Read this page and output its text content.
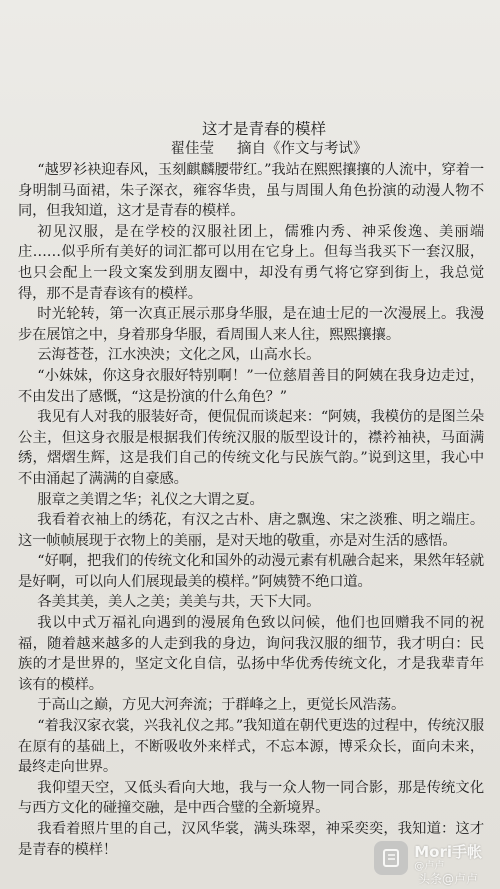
这才是青春的模样

翟佳莹     摘自《作文与考试》

“越罗衫袂迎春风，玉刻麒麟腰带红。”我站在熙熙攘攘的人流中，穿着一身明制马面裙，朱子深衣，雍容华贵，虽与周围人角色扮演的动漫人物不同，但我知道，这才是青春的模样。

初见汉服，是在学校的汉服社团上，儒雅内秀、神采俊逸、美丽端庄……似乎所有美好的词汇都可以用在它身上。但每当我买下一套汉服，也只会配上一段文案发到朋友圈中，却没有勇气将它穿到街上，我总觉得，那不是青春该有的模样。

时光轮转，第一次真正展示那身华服，是在迪士尼的一次漫展上。我漫步在展馆之中，身着那身华服，看周围人来人往，熙熙攘攘。

云海苍苍，江水泱泱；文化之风，山高水长。

“小妹妹，你这身衣服好特别啊！”一位慈眉善目的阿姨在我身边走过，不由发出了感慨，“这是扮演的什么角色？”

我见有人对我的服装好奇，便侃侃而谈起来：“阿姨，我模仿的是图兰朵公主，但这身衣服是根据我们传统汉服的版型设计的，襟衿袖袂，马面满绣，熠熠生辉，这是我们自己的传统文化与民族气韵。”说到这里，我心中不由涌起了满满的自豪感。

服章之美谓之华；礼仪之大谓之夏。

我看着衣袖上的绣花，有汉之古朴、唐之飘逸、宋之淡雅、明之端庄。这一帧帧展现于衣物上的美丽，是对天地的敬重，亦是对生活的感悟。

“好啊，把我们的传统文化和国外的动漫元素有机融合起来，果然年轻就是好啊，可以向人们展现最美的模样。”阿姨赞不绝口道。

各美其美，美人之美；美美与共，天下大同。

我以中式万福礼向遇到的漫展角色致以问候，他们也回赠我不同的祝福，随着越来越多的人走到我的身边，询问我汉服的细节，我才明白：民族的才是世界的，坚定文化自信，弘扬中华优秀传统文化，才是我辈青年该有的模样。

于高山之巅，方见大河奔流；于群峰之上，更觉长风浩荡。

“着我汉家衣裳，兴我礼仪之邦。”我知道在朝代更迭的过程中，传统汉服在原有的基础上，不断吸收外来样式，不忘本源，博采众长，面向未来，最终走向世界。

我仰望天空，又低头看向大地，我与一众人物一同合影，那是传统文化与西方文化的碰撞交融，是中西合璧的全新境界。

我看着照片里的自己，汉风华裳，满头珠翠，神采奕奕，我知道：这才是青春的模样！	Mori手帐
@卢卢
头条@卢卢
